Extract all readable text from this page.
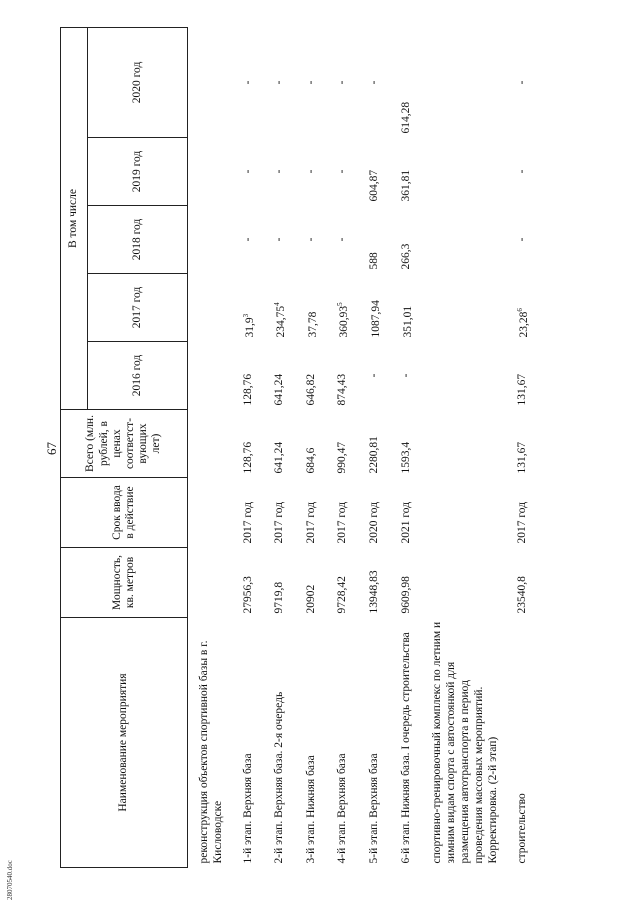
67
28070540.doc
Наименование мероприятия	Мощность, кв. метров	Срок ввода в действие	Всего (млн. рублей, в ценах соответст-вующих лет)	В том числе				
				2016 год	2017 год	2018 год	2019 год	2020 год
реконструкция объектов спортивной базы в г. Кисловодске								
1-й этап. Верхняя база	27956,3	2017 год	128,76	128,76	31,9$^3$	-	-	-
2-й этап. Верхняя база. 2-я очередь	9719,8	2017 год	641,24	641,24	234,75$^4$	-	-	-
3-й этап. Нижняя база	20902	2017 год	684,6	646,82	37,78	-	-	-
4-й этап. Верхняя база	9728,42	2017 год	990,47	874,43	360,93$^5$	-	-	-
5-й этап. Верхняя база	13948,83	2020 год	2280,81	-	1087,94	588	604,87	-
6-й этап. Нижняя база. I очередь строительства	9609,98	2021 год	1593,4	-	351,01	266,3	361,81	614,28
спортивно-тренировочный комплекс по летним и зимним видам спорта с автостоянкой для размещения автотранспорта в период проведения массовых мероприятий. Корректировка. (2-й этап)								
строительство	23540,8	2017 год	131,67	131,67	23,28$^6$	-	-	-
